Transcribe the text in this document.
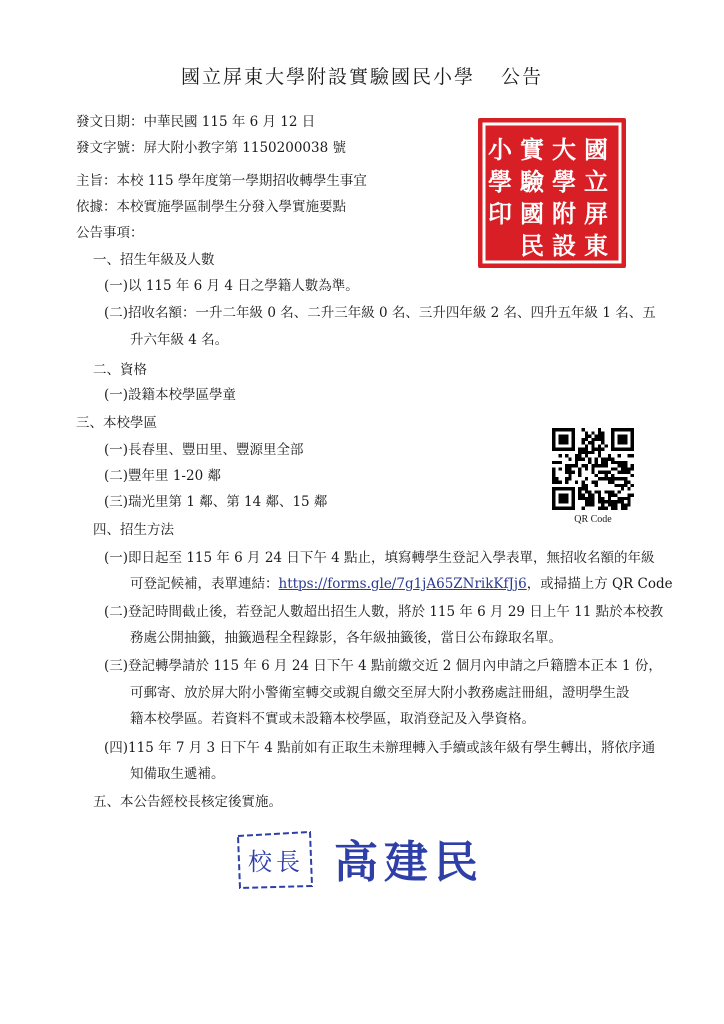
國立屏東大學附設實驗國民小學 公告
發文日期：中華民國 115 年 6 月 12 日
發文字號：屏大附小教字第 1150200038 號
主旨：本校 115 學年度第一學期招收轉學生事宜
依據：本校實施學區制學生分發入學實施要點
公告事項：
一、招生年級及人數
(一)以 115 年 6 月 4 日之學籍人數為準。
(二)招收名額：一升二年級 0 名、二升三年級 0 名、三升四年級 2 名、四升五年級 1 名、五
升六年級 4 名。
二、資格
(一)設籍本校學區學童
三、本校學區
(一)長春里、豐田里、豐源里全部
(二)豐年里 1-20 鄰
(三)瑞光里第 1 鄰、第 14 鄰、15 鄰
四、招生方法
(一)即日起至 115 年 6 月 24 日下午 4 點止，填寫轉學生登記入學表單，無招收名額的年級
可登記候補，表單連結：https://forms.gle/7g1jA65ZNrikKfJj6，或掃描上方 QR Code
(二)登記時間截止後，若登記人數超出招生人數，將於 115 年 6 月 29 日上午 11 點於本校教
務處公開抽籤，抽籤過程全程錄影，各年級抽籤後，當日公布錄取名單。
(三)登記轉學請於 115 年 6 月 24 日下午 4 點前繳交近 2 個月內申請之戶籍謄本正本 1 份，
可郵寄、放於屏大附小警衛室轉交或親自繳交至屏大附小教務處註冊組，證明學生設
籍本校學區。若資料不實或未設籍本校學區，取消登記及入學資格。
(四)115 年 7 月 3 日下午 4 點前如有正取生未辦理轉入手續或該年級有學生轉出，將依序通
知備取生遞補。
五、本公告經校長核定後實施。
國
立
屏
東
大
學
附
設
實
驗
國
民
小
學
印
QR Code
校長 高建民
